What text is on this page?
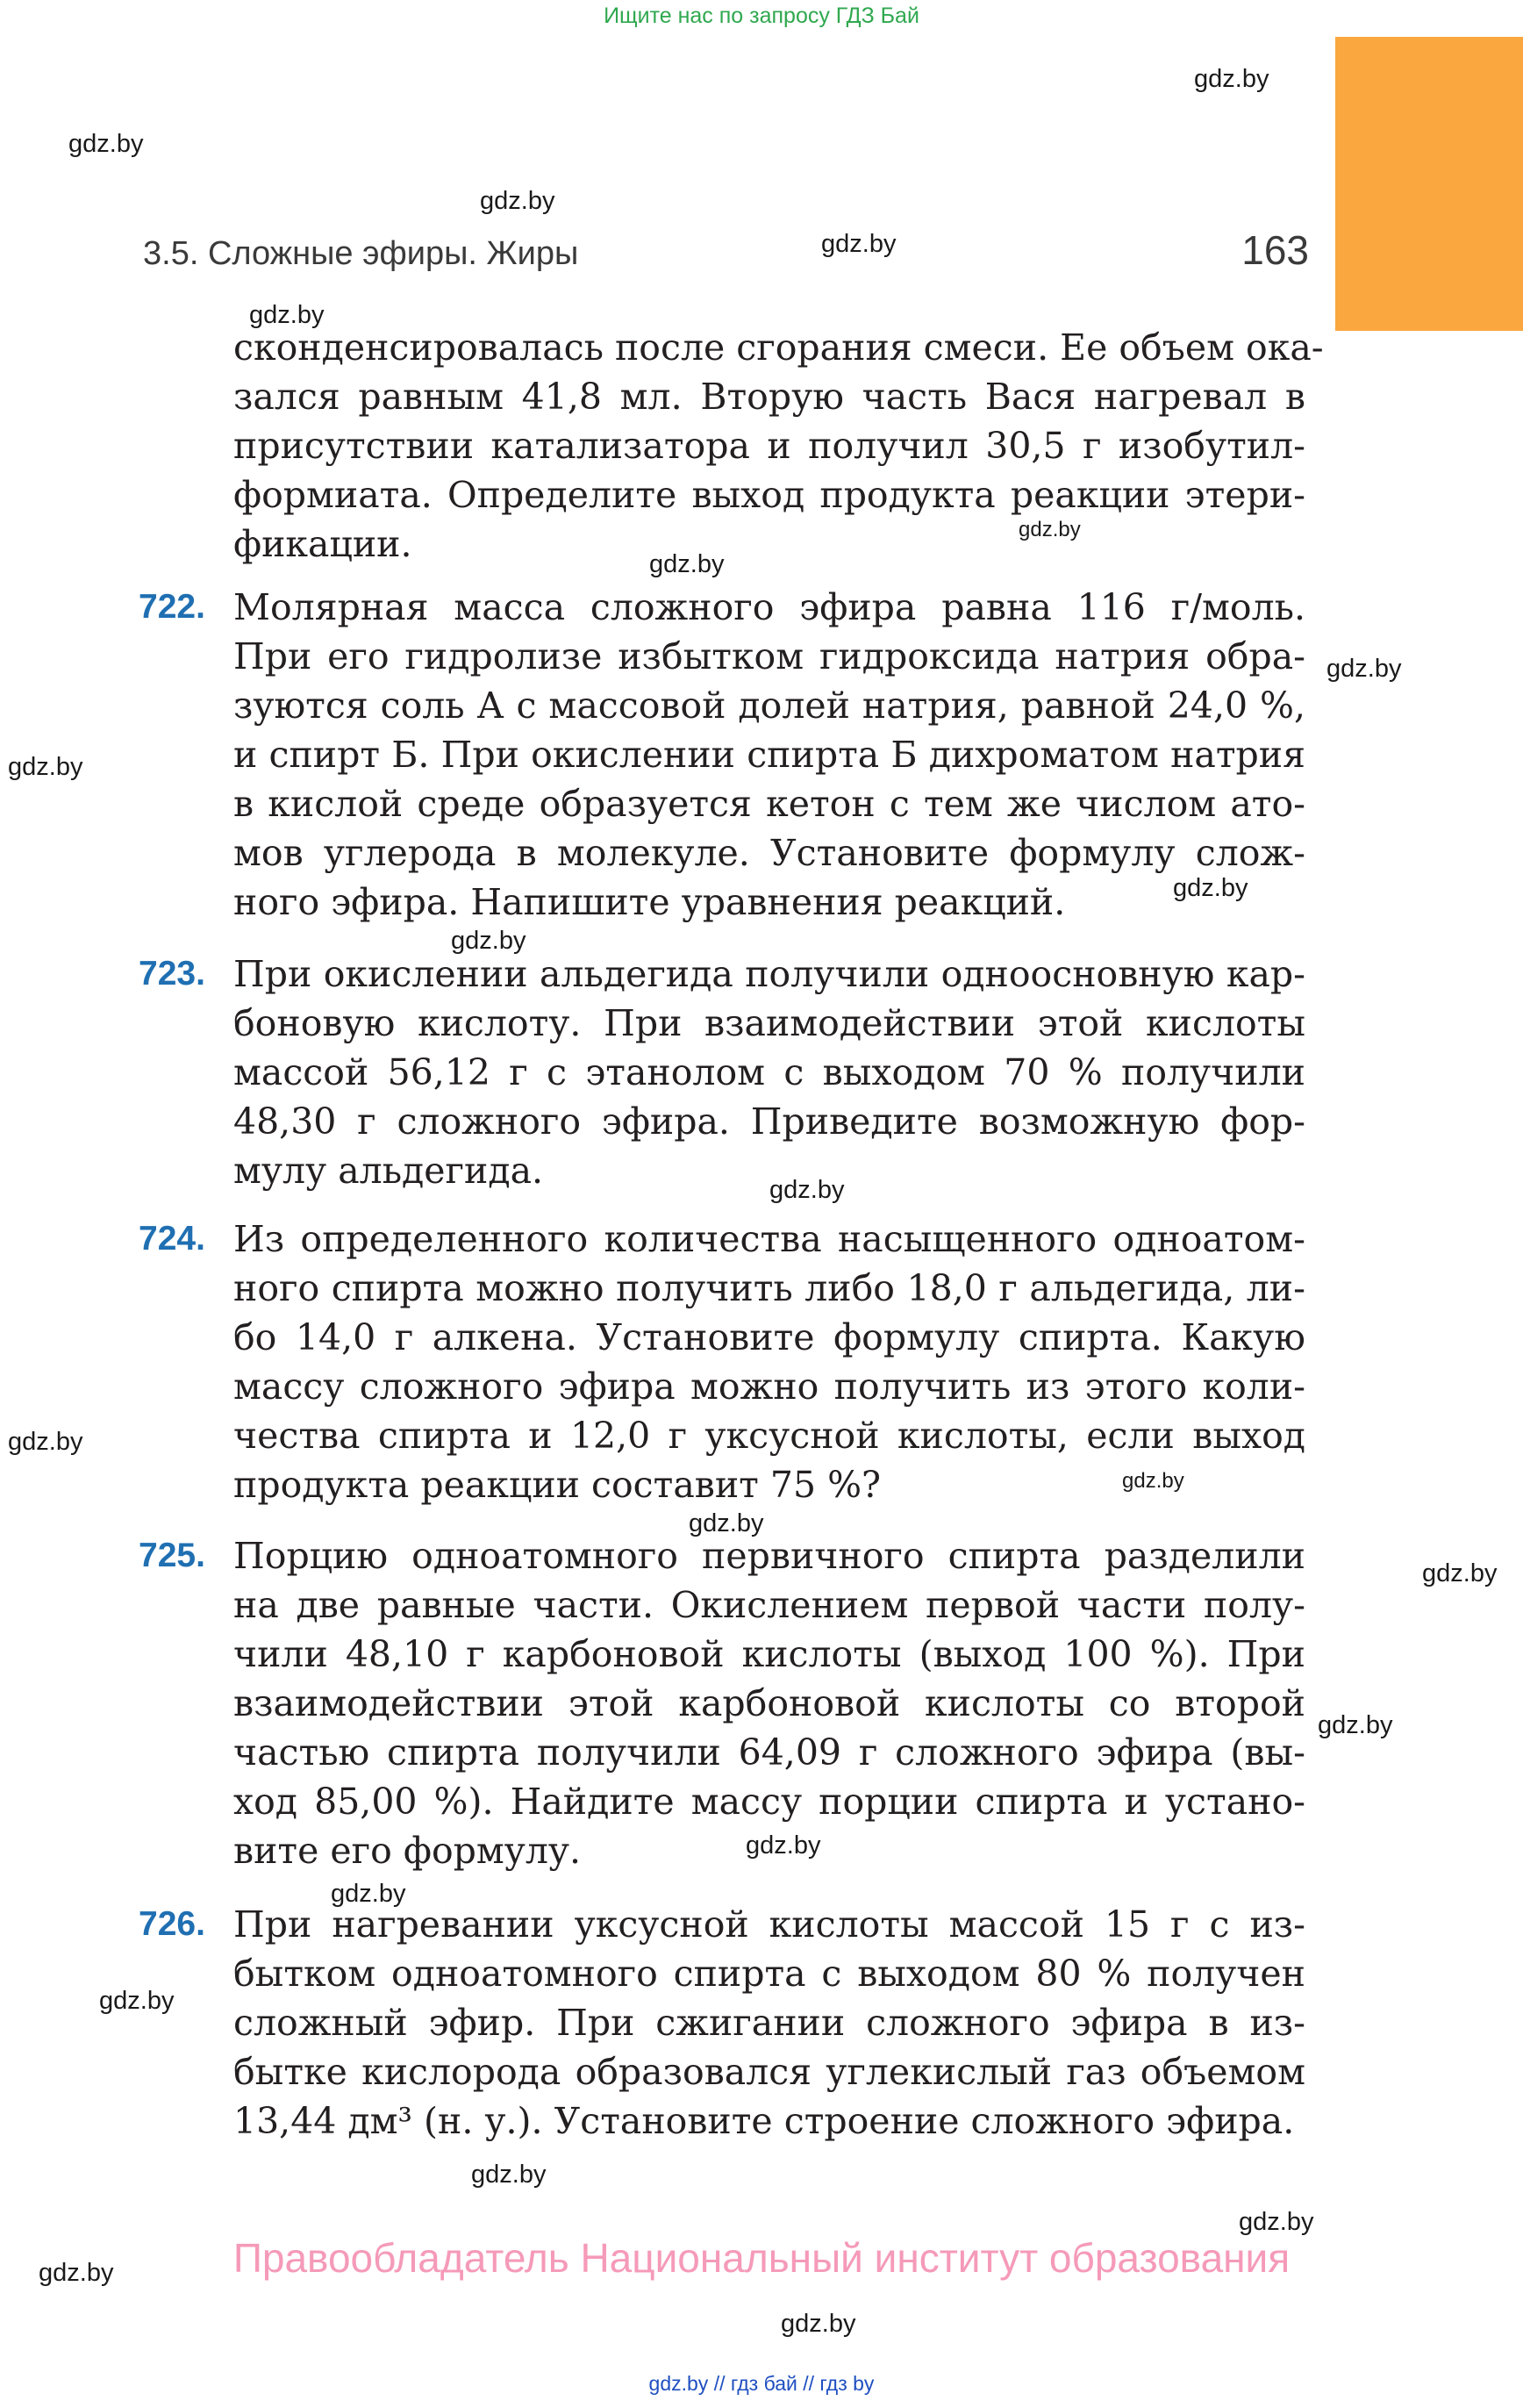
Ищите нас по запросу ГДЗ Бай
3.5. Сложные эфиры. Жиры	163
сконденсировалась после сгорания смеси. Ее объем ока-
зался равным 41,8 мл. Вторую часть Вася нагревал в
присутствии катализатора и получил 30,5 г изобутил-
формиата. Определите выход продукта реакции этери-
фикации.
722. Молярная масса сложного эфира равна 116 г/моль.
При его гидролизе избытком гидроксида натрия обра-
зуются соль А с массовой долей натрия, равной 24,0 %,
и спирт Б. При окислении спирта Б дихроматом натрия
в кислой среде образуется кетон с тем же числом ато-
мов углерода в молекуле. Установите формулу слож-
ного эфира. Напишите уравнения реакций.
723. При окислении альдегида получили одноосновную кар-
боновую кислоту. При взаимодействии этой кислоты
массой 56,12 г с этанолом с выходом 70 % получили
48,30 г сложного эфира. Приведите возможную фор-
мулу альдегида.
724. Из определенного количества насыщенного одноатом-
ного спирта можно получить либо 18,0 г альдегида, ли-
бо 14,0 г алкена. Установите формулу спирта. Какую
массу сложного эфира можно получить из этого коли-
чества спирта и 12,0 г уксусной кислоты, если выход
продукта реакции составит 75 %?
725. Порцию одноатомного первичного спирта разделили
на две равные части. Окислением первой части полу-
чили 48,10 г карбоновой кислоты (выход 100 %). При
взаимодействии этой карбоновой кислоты со второй
частью спирта получили 64,09 г сложного эфира (вы-
ход 85,00 %). Найдите массу порции спирта и устано-
вите его формулу.
726. При нагревании уксусной кислоты массой 15 г с из-
бытком одноатомного спирта с выходом 80 % получен
сложный эфир. При сжигании сложного эфира в из-
бытке кислорода образовался углекислый газ объемом
13,44 дм³ (н. у.). Установите строение сложного эфира.
gdz.by
gdz.by
gdz.by
gdz.by
gdz.by
gdz.by
gdz.by
gdz.by
gdz.by
gdz.by
gdz.by
gdz.by
gdz.by
gdz.by
gdz.by
gdz.by
gdz.by
gdz.by
gdz.by
gdz.by
gdz.by
gdz.by
gdz.by
gdz.by
Правообладатель Национальный институт образования
gdz.by // гдз бай // гдз by
